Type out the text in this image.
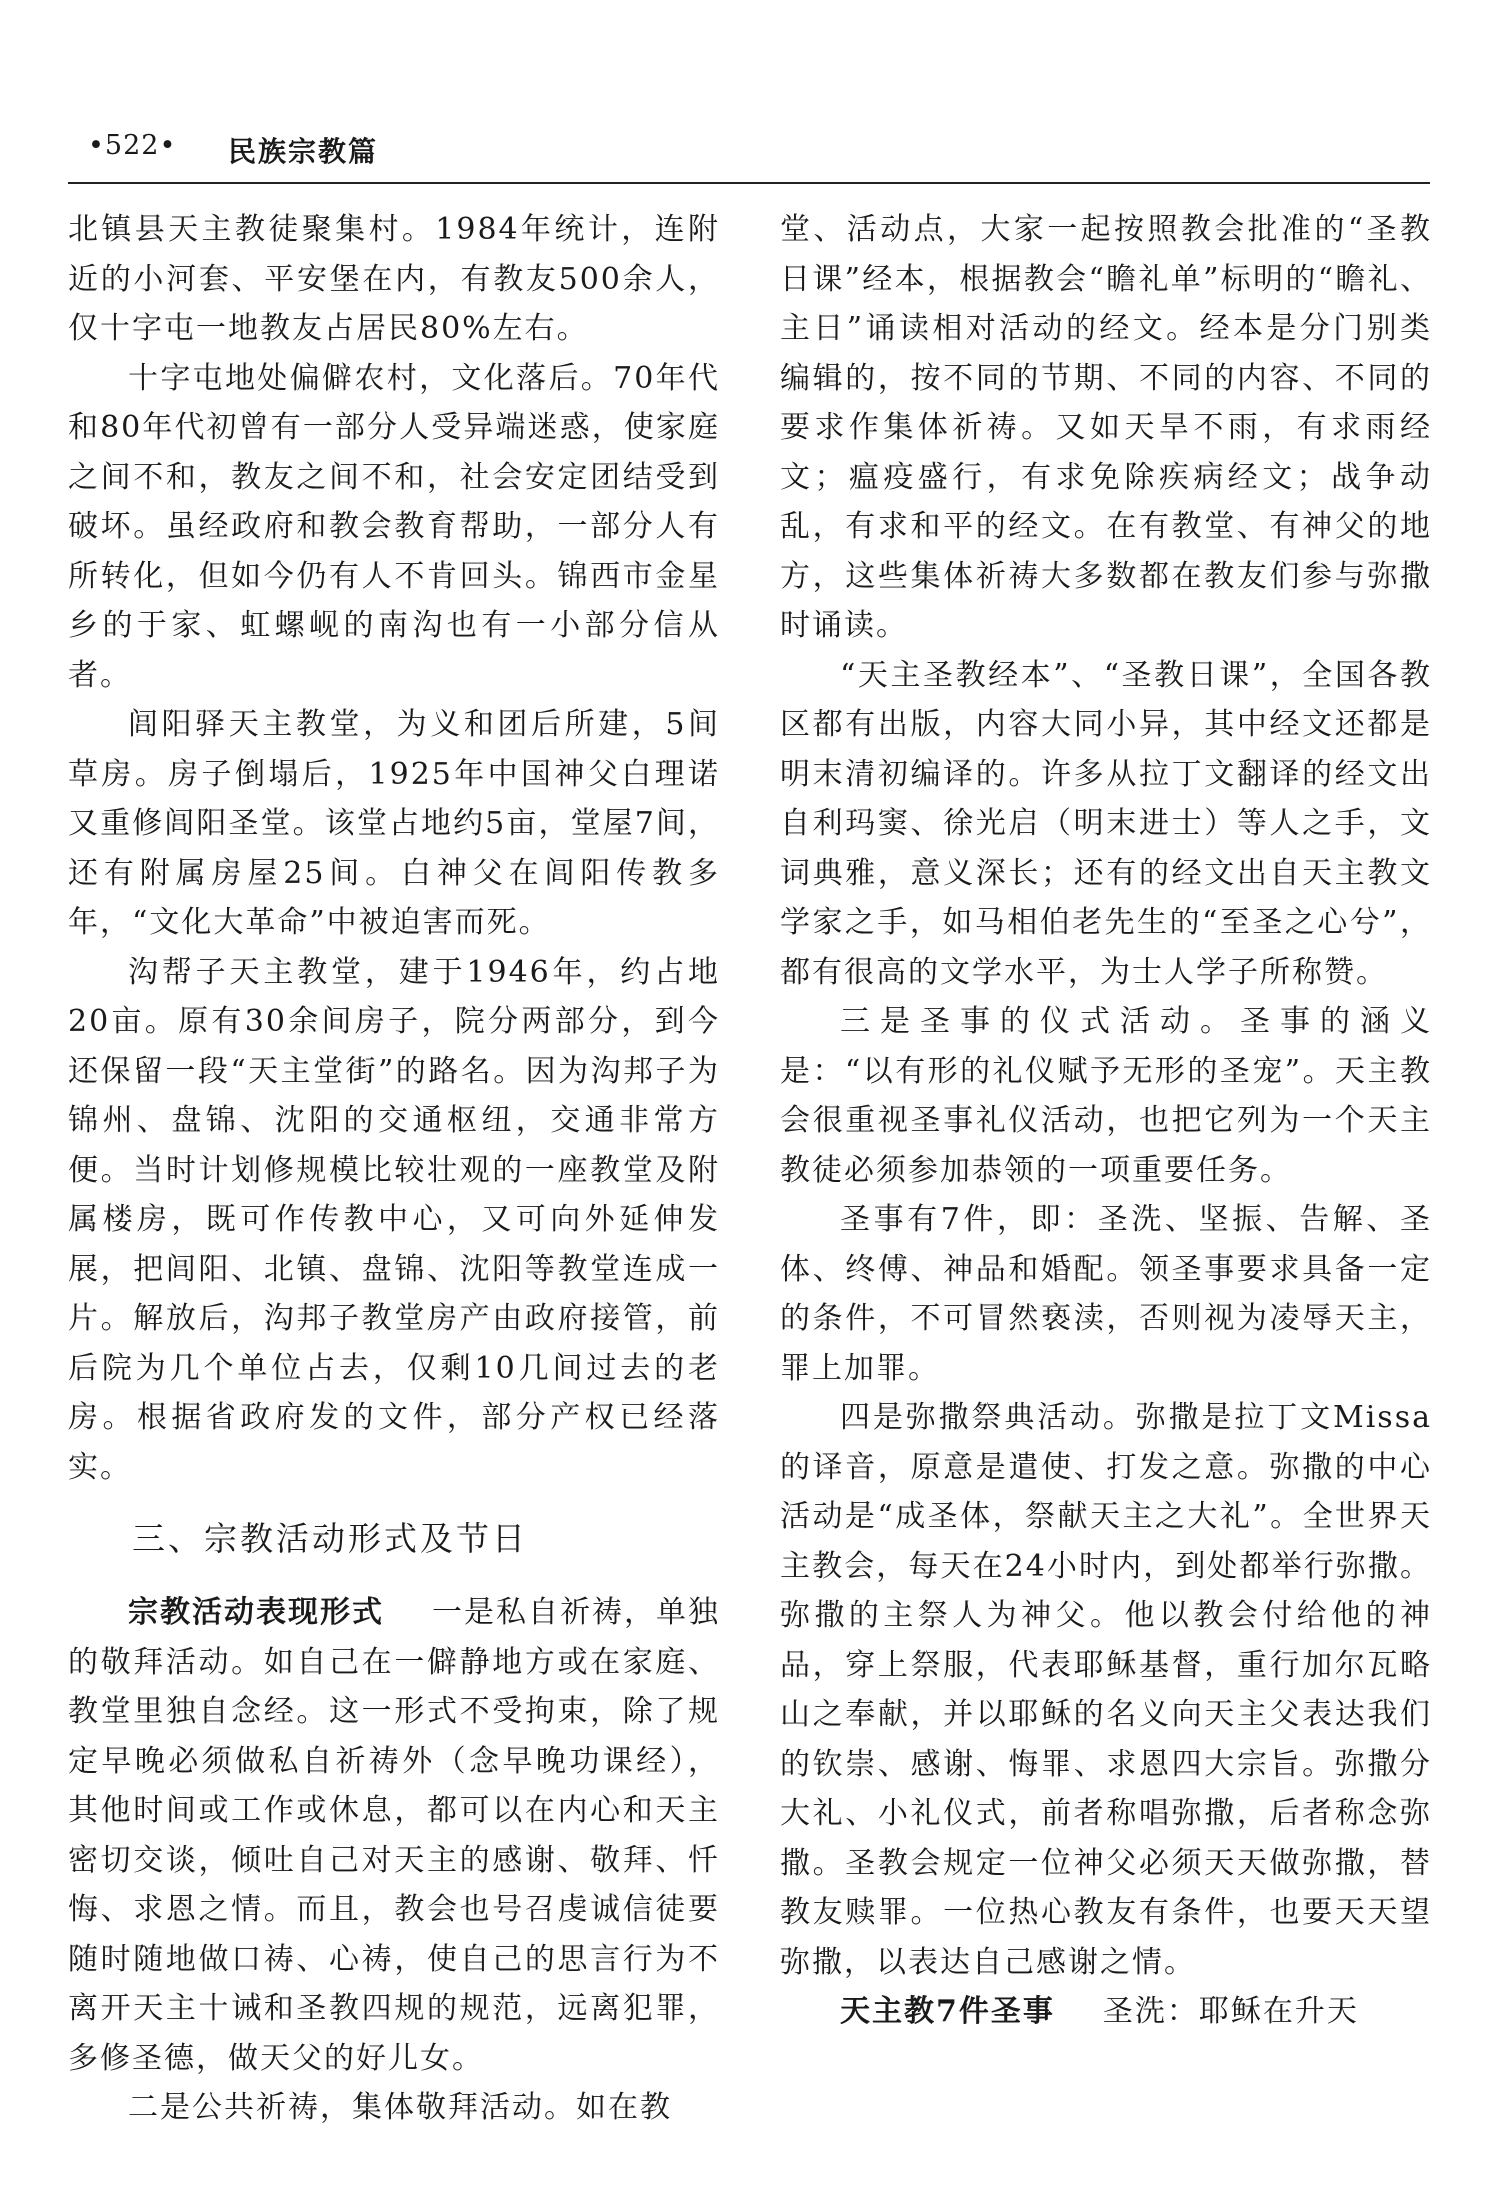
•522• 民族宗教篇

北镇县天主教徒聚集村。1984年统计，连附近的小河套、平安堡在内，有教友500余人，仅十字屯一地教友占居民80%左右。

十字屯地处偏僻农村，文化落后。70年代和80年代初曾有一部分人受异端迷惑，使家庭之间不和，教友之间不和，社会安定团结受到破坏。虽经政府和教会教育帮助，一部分人有所转化，但如今仍有人不肯回头。锦西市金星乡的于家、虹螺岘的南沟也有一小部分信从者。

闾阳驿天主教堂，为义和团后所建，5间草房。房子倒塌后，1925年中国神父白理诺又重修闾阳圣堂。该堂占地约5亩，堂屋7间，还有附属房屋25间。白神父在闾阳传教多年，“文化大革命”中被迫害而死。

沟帮子天主教堂，建于1946年，约占地20亩。原有30余间房子，院分两部分，到今还保留一段“天主堂街”的路名。因为沟邦子为锦州、盘锦、沈阳的交通枢纽，交通非常方便。当时计划修规模比较壮观的一座教堂及附属楼房，既可作传教中心，又可向外延伸发展，把闾阳、北镇、盘锦、沈阳等教堂连成一片。解放后，沟邦子教堂房产由政府接管，前后院为几个单位占去，仅剩10几间过去的老房。根据省政府发的文件，部分产权已经落实。

三、宗教活动形式及节日

宗教活动表现形式 一是私自祈祷，单独的敬拜活动。如自己在一僻静地方或在家庭、教堂里独自念经。这一形式不受拘束，除了规定早晚必须做私自祈祷外（念早晚功课经），其他时间或工作或休息，都可以在内心和天主密切交谈，倾吐自己对天主的感谢、敬拜、忏悔、求恩之情。而且，教会也号召虔诚信徒要随时随地做口祷、心祷，使自己的思言行为不离开天主十诫和圣教四规的规范，远离犯罪，多修圣德，做天父的好儿女。

二是公共祈祷，集体敬拜活动。如在教

堂、活动点，大家一起按照教会批准的“圣教日课”经本，根据教会“瞻礼单”标明的“瞻礼、主日”诵读相对活动的经文。经本是分门别类编辑的，按不同的节期、不同的内容、不同的要求作集体祈祷。又如天旱不雨，有求雨经文；瘟疫盛行，有求免除疾病经文；战争动乱，有求和平的经文。在有教堂、有神父的地方，这些集体祈祷大多数都在教友们参与弥撒时诵读。

“天主圣教经本”、“圣教日课”，全国各教区都有出版，内容大同小异，其中经文还都是明末清初编译的。许多从拉丁文翻译的经文出自利玛窦、徐光启（明末进士）等人之手，文词典雅，意义深长；还有的经文出自天主教文学家之手，如马相伯老先生的“至圣之心兮”，都有很高的文学水平，为士人学子所称赞。

三是圣事的仪式活动。圣事的涵义是：“以有形的礼仪赋予无形的圣宠”。天主教会很重视圣事礼仪活动，也把它列为一个天主教徒必须参加恭领的一项重要任务。

圣事有7件，即：圣洗、坚振、告解、圣体、终傅、神品和婚配。领圣事要求具备一定的条件，不可冒然亵渎，否则视为凌辱天主，罪上加罪。

四是弥撒祭典活动。弥撒是拉丁文Missa的译音，原意是遣使、打发之意。弥撒的中心活动是“成圣体，祭献天主之大礼”。全世界天主教会，每天在24小时内，到处都举行弥撒。弥撒的主祭人为神父。他以教会付给他的神品，穿上祭服，代表耶稣基督，重行加尔瓦略山之奉献，并以耶稣的名义向天主父表达我们的钦崇、感谢、悔罪、求恩四大宗旨。弥撒分大礼、小礼仪式，前者称唱弥撒，后者称念弥撒。圣教会规定一位神父必须天天做弥撒，替教友赎罪。一位热心教友有条件，也要天天望弥撒，以表达自己感谢之情。

天主教7件圣事 圣洗：耶稣在升天
